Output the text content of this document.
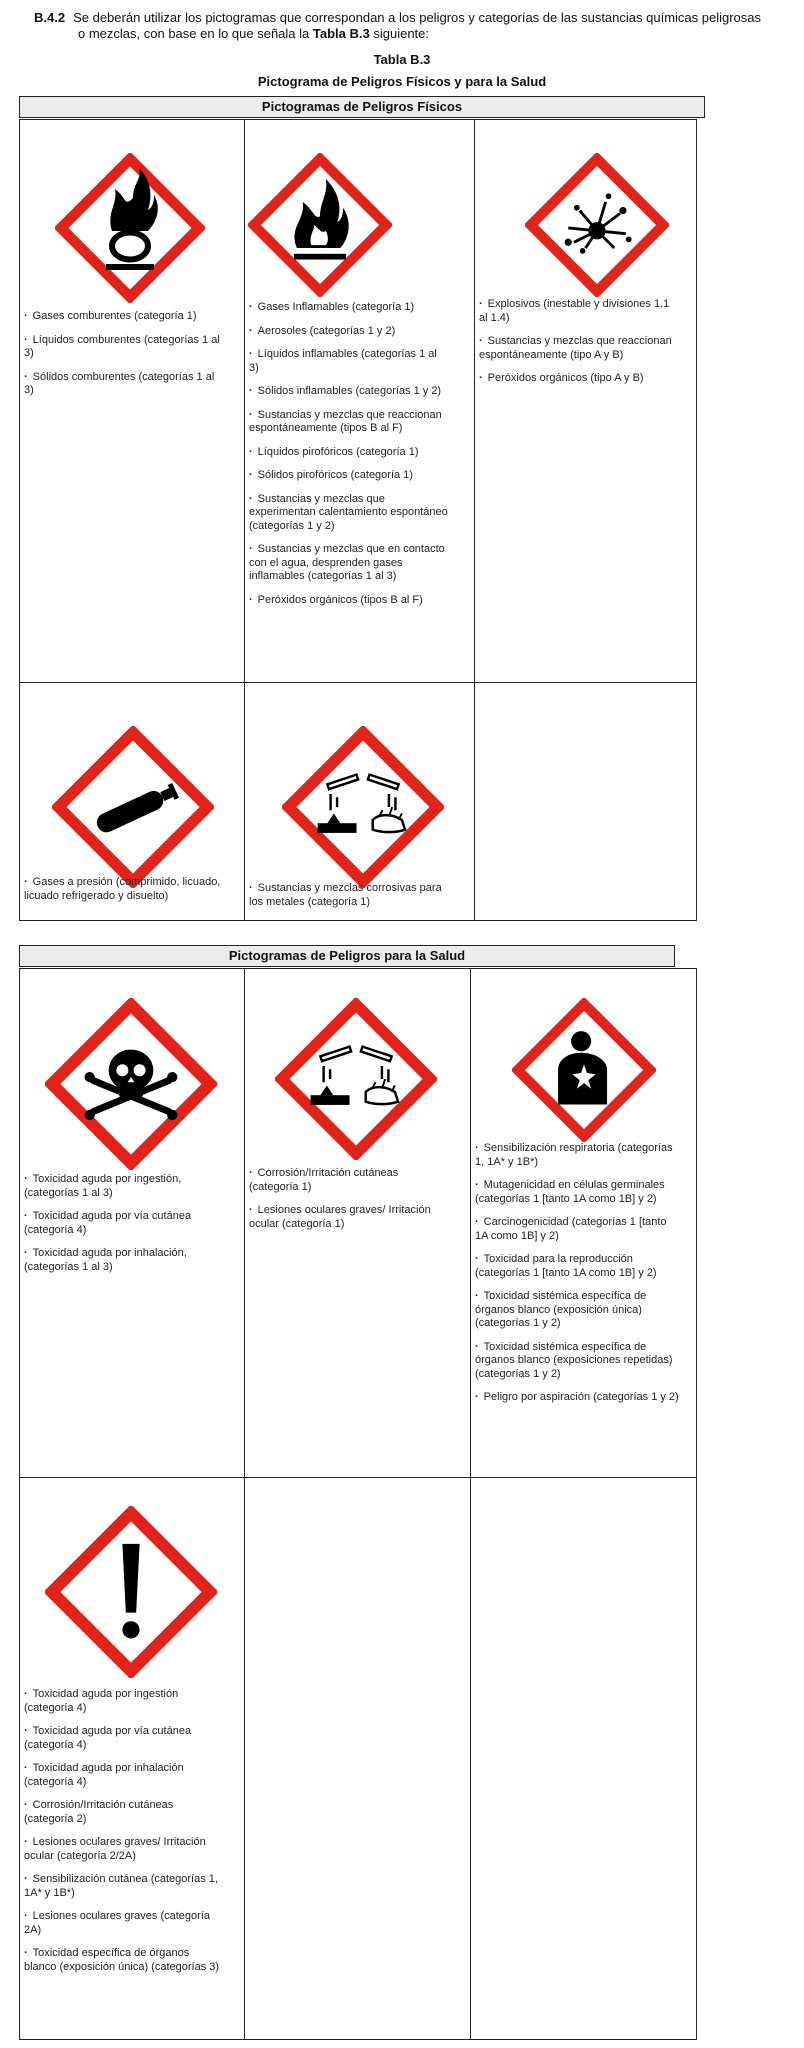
B.4.2 Se deberán utilizar los pictogramas que correspondan a los peligros y categorías de las sustancias químicas peligrosas
o mezclas, con base en lo que señala la Tabla B.3 siguiente:
Tabla B.3
Pictograma de Peligros Físicos y para la Salud
Pictogramas de Peligros Físicos
· Gases comburentes (categoría 1)
· Líquidos comburentes (categorías 1 al 3)
· Sólidos comburentes (categorías 1 al 3)
· Gases Inflamables (categoría 1)
· Aerosoles (categorías 1 y 2)
· Líquidos inflamables (categorías 1 al 3)
· Sólidos inflamables (categorías 1 y 2)
· Sustancias y mezclas que reaccionan espontáneamente (tipos B al F)
· Líquidos pirofóricos (categoría 1)
· Sólidos pirofóricos (categoría 1)
· Sustancias y mezclas que experimentan calentamiento espontáneo (categorías 1 y 2)
· Sustancias y mezclas que en contacto con el agua, desprenden gases inflamables (categorías 1 al 3)
· Peróxidos orgánicos (tipos B al F)
· Explosivos (inestable y divisiones 1.1 al 1.4)
· Sustancias y mezclas que reaccionan espontáneamente (tipo A y B)
· Peróxidos orgánicos (tipo A y B)
· Gases a presión (comprimido, licuado, licuado refrigerado y disuelto)
· Sustancias y mezclas corrosivas para los metales (categoría 1)
Pictogramas de Peligros para la Salud
· Toxicidad aguda por ingestión, (categorías 1 al 3)
· Toxicidad aguda por vía cutánea (categoría 4)
· Toxicidad aguda por inhalación, (categorías 1 al 3)
· Corrosión/Irritación cutáneas (categoría 1)
· Lesiones oculares graves/ Irritación ocular (categoría 1)
· Sensibilización respiratoria (categorías 1, 1A* y 1B*)
· Mutagenicidad en células germinales (categorías 1 [tanto 1A como 1B] y 2)
· Carcinogenicidad (categorías 1 [tanto 1A como 1B] y 2)
· Toxicidad para la reproducción (categorías 1 [tanto 1A como 1B] y 2)
· Toxicidad sistémica específica de órganos blanco (exposición única) (categorías 1 y 2)
· Toxicidad sistémica específica de órganos blanco (exposiciones repetidas) (categorías 1 y 2)
· Peligro por aspiración (categorías 1 y 2)
· Toxicidad aguda por ingestión (categoría 4)
· Toxicidad aguda por vía cutánea (categoría 4)
· Toxicidad aguda por inhalación (categoría 4)
· Corrosión/Irritación cutáneas (categoría 2)
· Lesiones oculares graves/ Irritación ocular (categoría 2/2A)
· Sensibilización cutánea (categorías 1, 1A* y 1B*)
· Lesiones oculares graves (categoría 2A)
· Toxicidad específica de órganos blanco (exposición única) (categorías 3)
